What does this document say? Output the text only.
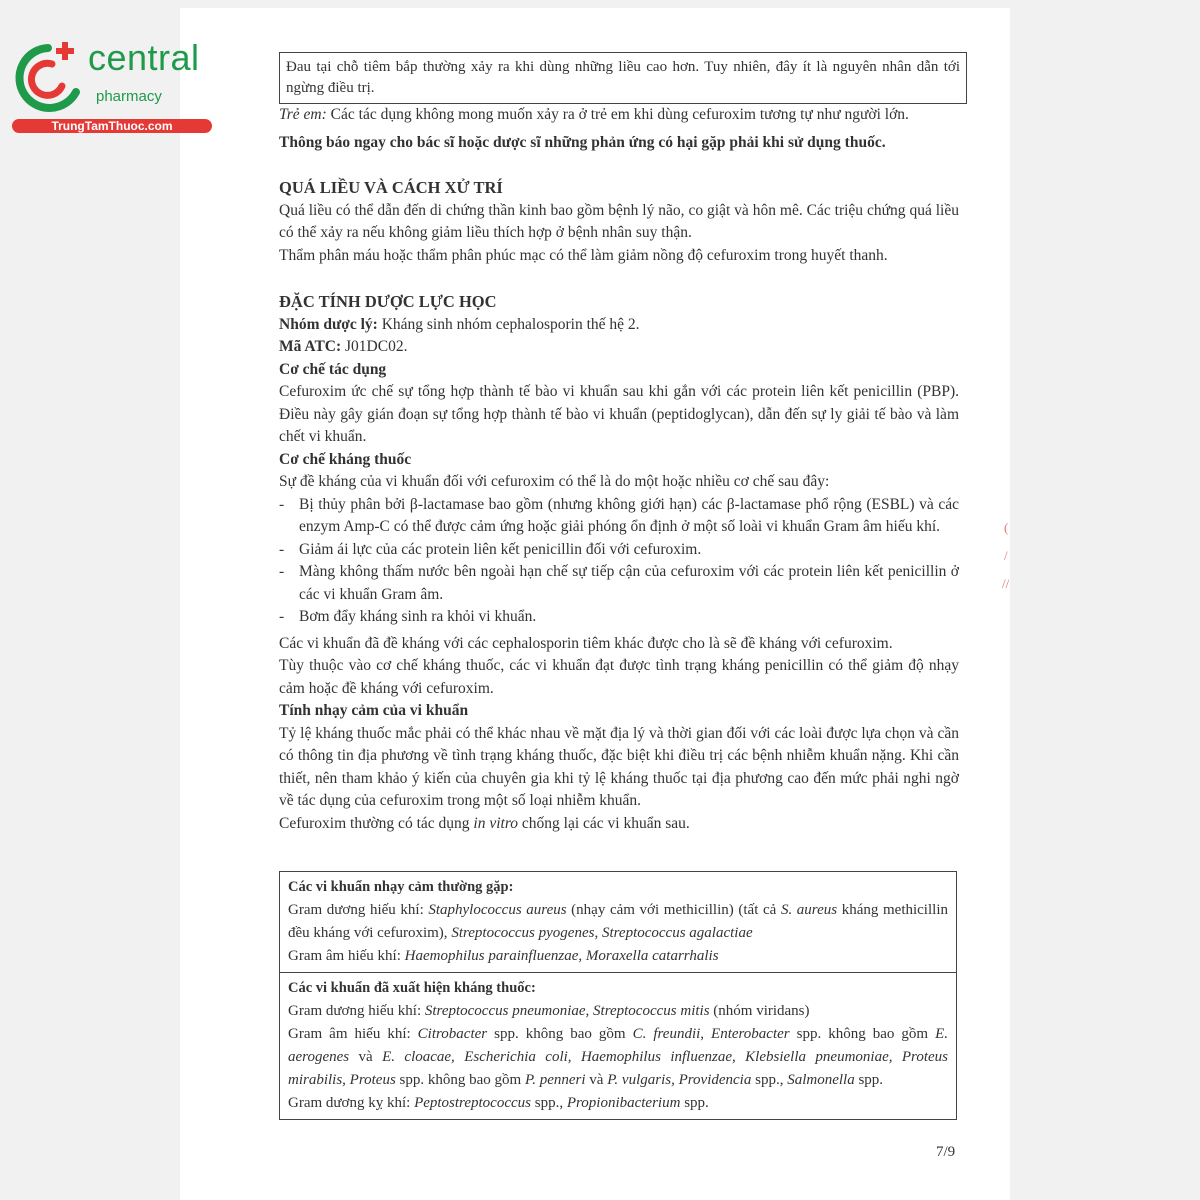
central
pharmacy
TrungTamThuoc.com
(
/
//
Đau tại chỗ tiêm bắp thường xảy ra khi dùng những liều cao hơn. Tuy nhiên, đây ít là nguyên nhân dẫn tới ngừng điều trị.
Trẻ em: Các tác dụng không mong muốn xảy ra ở trẻ em khi dùng cefuroxim tương tự như người lớn.
Thông báo ngay cho bác sĩ hoặc dược sĩ những phản ứng có hại gặp phải khi sử dụng thuốc.
QUÁ LIỀU VÀ CÁCH XỬ TRÍ
Quá liều có thể dẫn đến di chứng thần kinh bao gồm bệnh lý não, co giật và hôn mê. Các triệu chứng quá liều có thể xảy ra nếu không giảm liều thích hợp ở bệnh nhân suy thận.
Thẩm phân máu hoặc thẩm phân phúc mạc có thể làm giảm nồng độ cefuroxim trong huyết thanh.
ĐẶC TÍNH DƯỢC LỰC HỌC
Nhóm dược lý: Kháng sinh nhóm cephalosporin thế hệ 2.
Mã ATC: J01DC02.
Cơ chế tác dụng
Cefuroxim ức chế sự tổng hợp thành tế bào vi khuẩn sau khi gắn với các protein liên kết penicillin (PBP). Điều này gây gián đoạn sự tổng hợp thành tế bào vi khuẩn (peptidoglycan), dẫn đến sự ly giải tế bào và làm chết vi khuẩn.
Cơ chế kháng thuốc
Sự đề kháng của vi khuẩn đối với cefuroxim có thể là do một hoặc nhiều cơ chế sau đây:
- Bị thủy phân bởi β-lactamase bao gồm (nhưng không giới hạn) các β-lactamase phổ rộng (ESBL) và các enzym Amp-C có thể được cảm ứng hoặc giải phóng ổn định ở một số loài vi khuẩn Gram âm hiếu khí.
- Giảm ái lực của các protein liên kết penicillin đối với cefuroxim.
- Màng không thấm nước bên ngoài hạn chế sự tiếp cận của cefuroxim với các protein liên kết penicillin ở các vi khuẩn Gram âm.
- Bơm đẩy kháng sinh ra khỏi vi khuẩn.
Các vi khuẩn đã đề kháng với các cephalosporin tiêm khác được cho là sẽ đề kháng với cefuroxim.
Tùy thuộc vào cơ chế kháng thuốc, các vi khuẩn đạt được tình trạng kháng penicillin có thể giảm độ nhạy cảm hoặc đề kháng với cefuroxim.
Tính nhạy cảm của vi khuẩn
Tỷ lệ kháng thuốc mắc phải có thể khác nhau về mặt địa lý và thời gian đối với các loài được lựa chọn và cần có thông tin địa phương về tình trạng kháng thuốc, đặc biệt khi điều trị các bệnh nhiễm khuẩn nặng. Khi cần thiết, nên tham khảo ý kiến của chuyên gia khi tỷ lệ kháng thuốc tại địa phương cao đến mức phải nghi ngờ về tác dụng của cefuroxim trong một số loại nhiễm khuẩn.
Cefuroxim thường có tác dụng in vitro chống lại các vi khuẩn sau.
Các vi khuẩn nhạy cảm thường gặp:
Gram dương hiếu khí: Staphylococcus aureus (nhạy cảm với methicillin) (tất cả S. aureus kháng methicillin đều kháng với cefuroxim), Streptococcus pyogenes, Streptococcus agalactiae
Gram âm hiếu khí: Haemophilus parainfluenzae, Moraxella catarrhalis
Các vi khuẩn đã xuất hiện kháng thuốc:
Gram dương hiếu khí: Streptococcus pneumoniae, Streptococcus mitis (nhóm viridans)
Gram âm hiếu khí: Citrobacter spp. không bao gồm C. freundii, Enterobacter spp. không bao gồm E. aerogenes và E. cloacae, Escherichia coli, Haemophilus influenzae, Klebsiella pneumoniae, Proteus mirabilis, Proteus spp. không bao gồm P. penneri và P. vulgaris, Providencia spp., Salmonella spp.
Gram dương kỵ khí: Peptostreptococcus spp., Propionibacterium spp.
7/9
